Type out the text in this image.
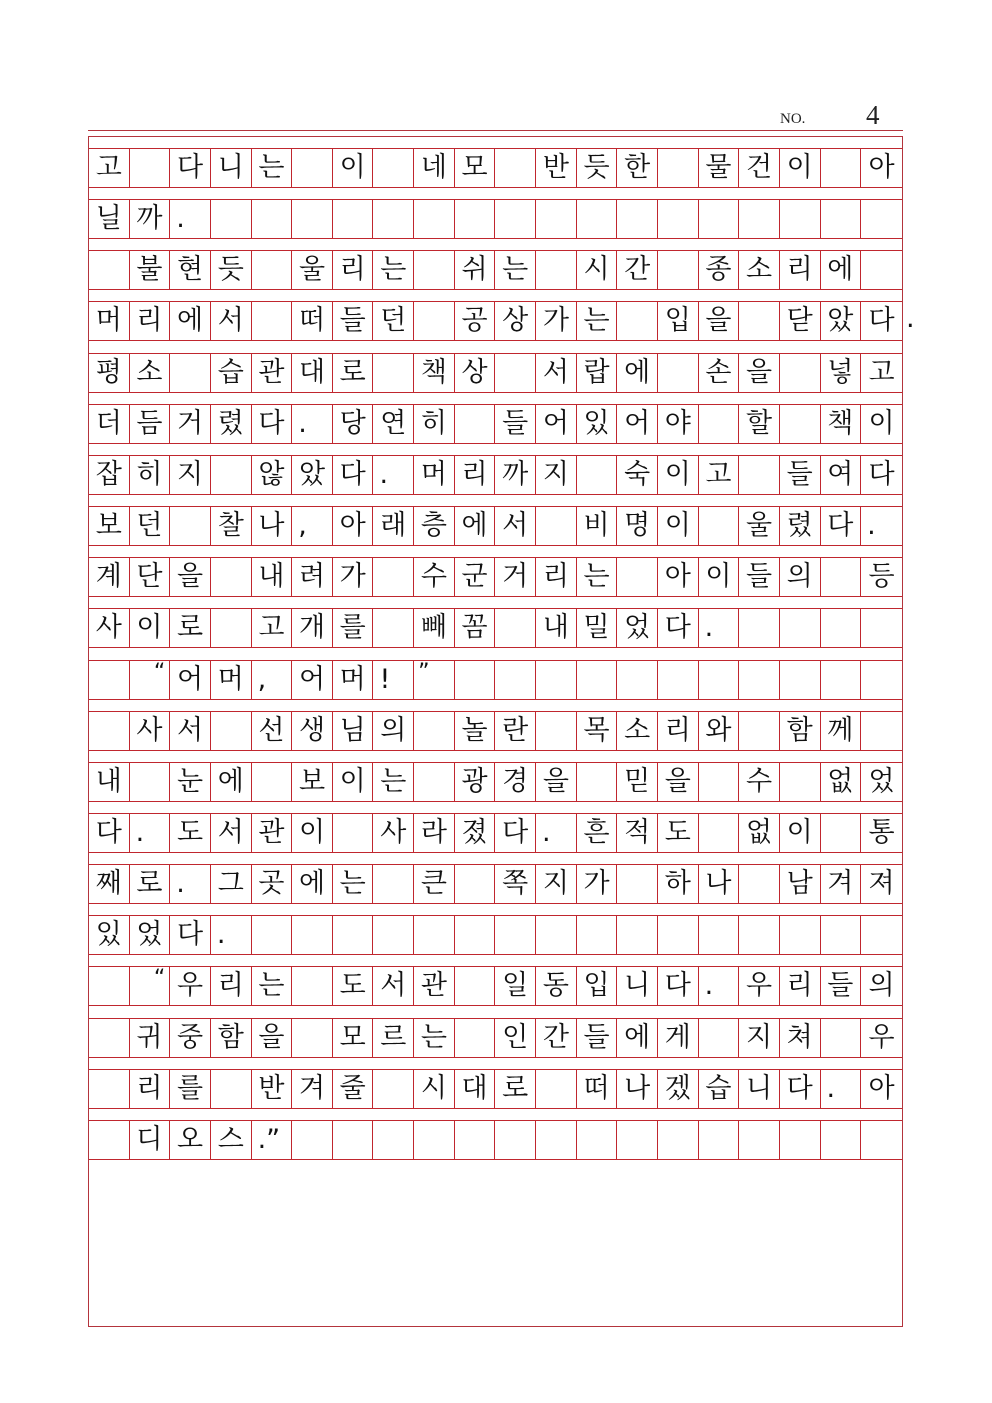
NO. 4
고 다 니 는 이 네 모 반 듯 한 물 건 이 아
닐 까 .
불 현 듯 울 리 는 쉬 는 시 간 종 소 리 에
머 리 에 서 떠 들 던 공 상 가 는 입 을 닫 았 다
평 소 습 관 대 로 책 상 서 랍 에 손 을 넣 고
더 듬 거 렸 다 .	당 연 히 들 어 있 어 야 할 책 이
잡 히 지 않 았 다 .	머 리 까 지 숙 이 고 들 여 다
보 던 찰 나 ,	아 래 층 에 서 비 명 이 울 렸 다 .
계 단 을 내 려 가 수 군 거 리 는 아 이 들 의 등
사 이 로 고 개 를 빼 꼼 내 밀 었 다 .
“ 어 머 ,	어 머 !	”
사 서 선 생 님 의 놀 란 목 소 리 와 함 께
내 눈 에 보 이 는 광 경 을 믿 을 수 없 었
다 .	도 서 관 이 사 라 졌 다 .	흔 적 도 없 이 통
째 로 .	그 곳 에 는 큰 쪽 지 가 하 나 남 겨 져
있 었 다 .
“ 우 리 는 도 서 관 일 동 입 니 다 .	우 리 들 의
귀 중 함 을 모 르 는 인 간 들 에 게 지 쳐 우
리 를 반 겨 줄 시 대 로 떠 나 겠 습 니 다 .	아
디 오 스 .”
.
